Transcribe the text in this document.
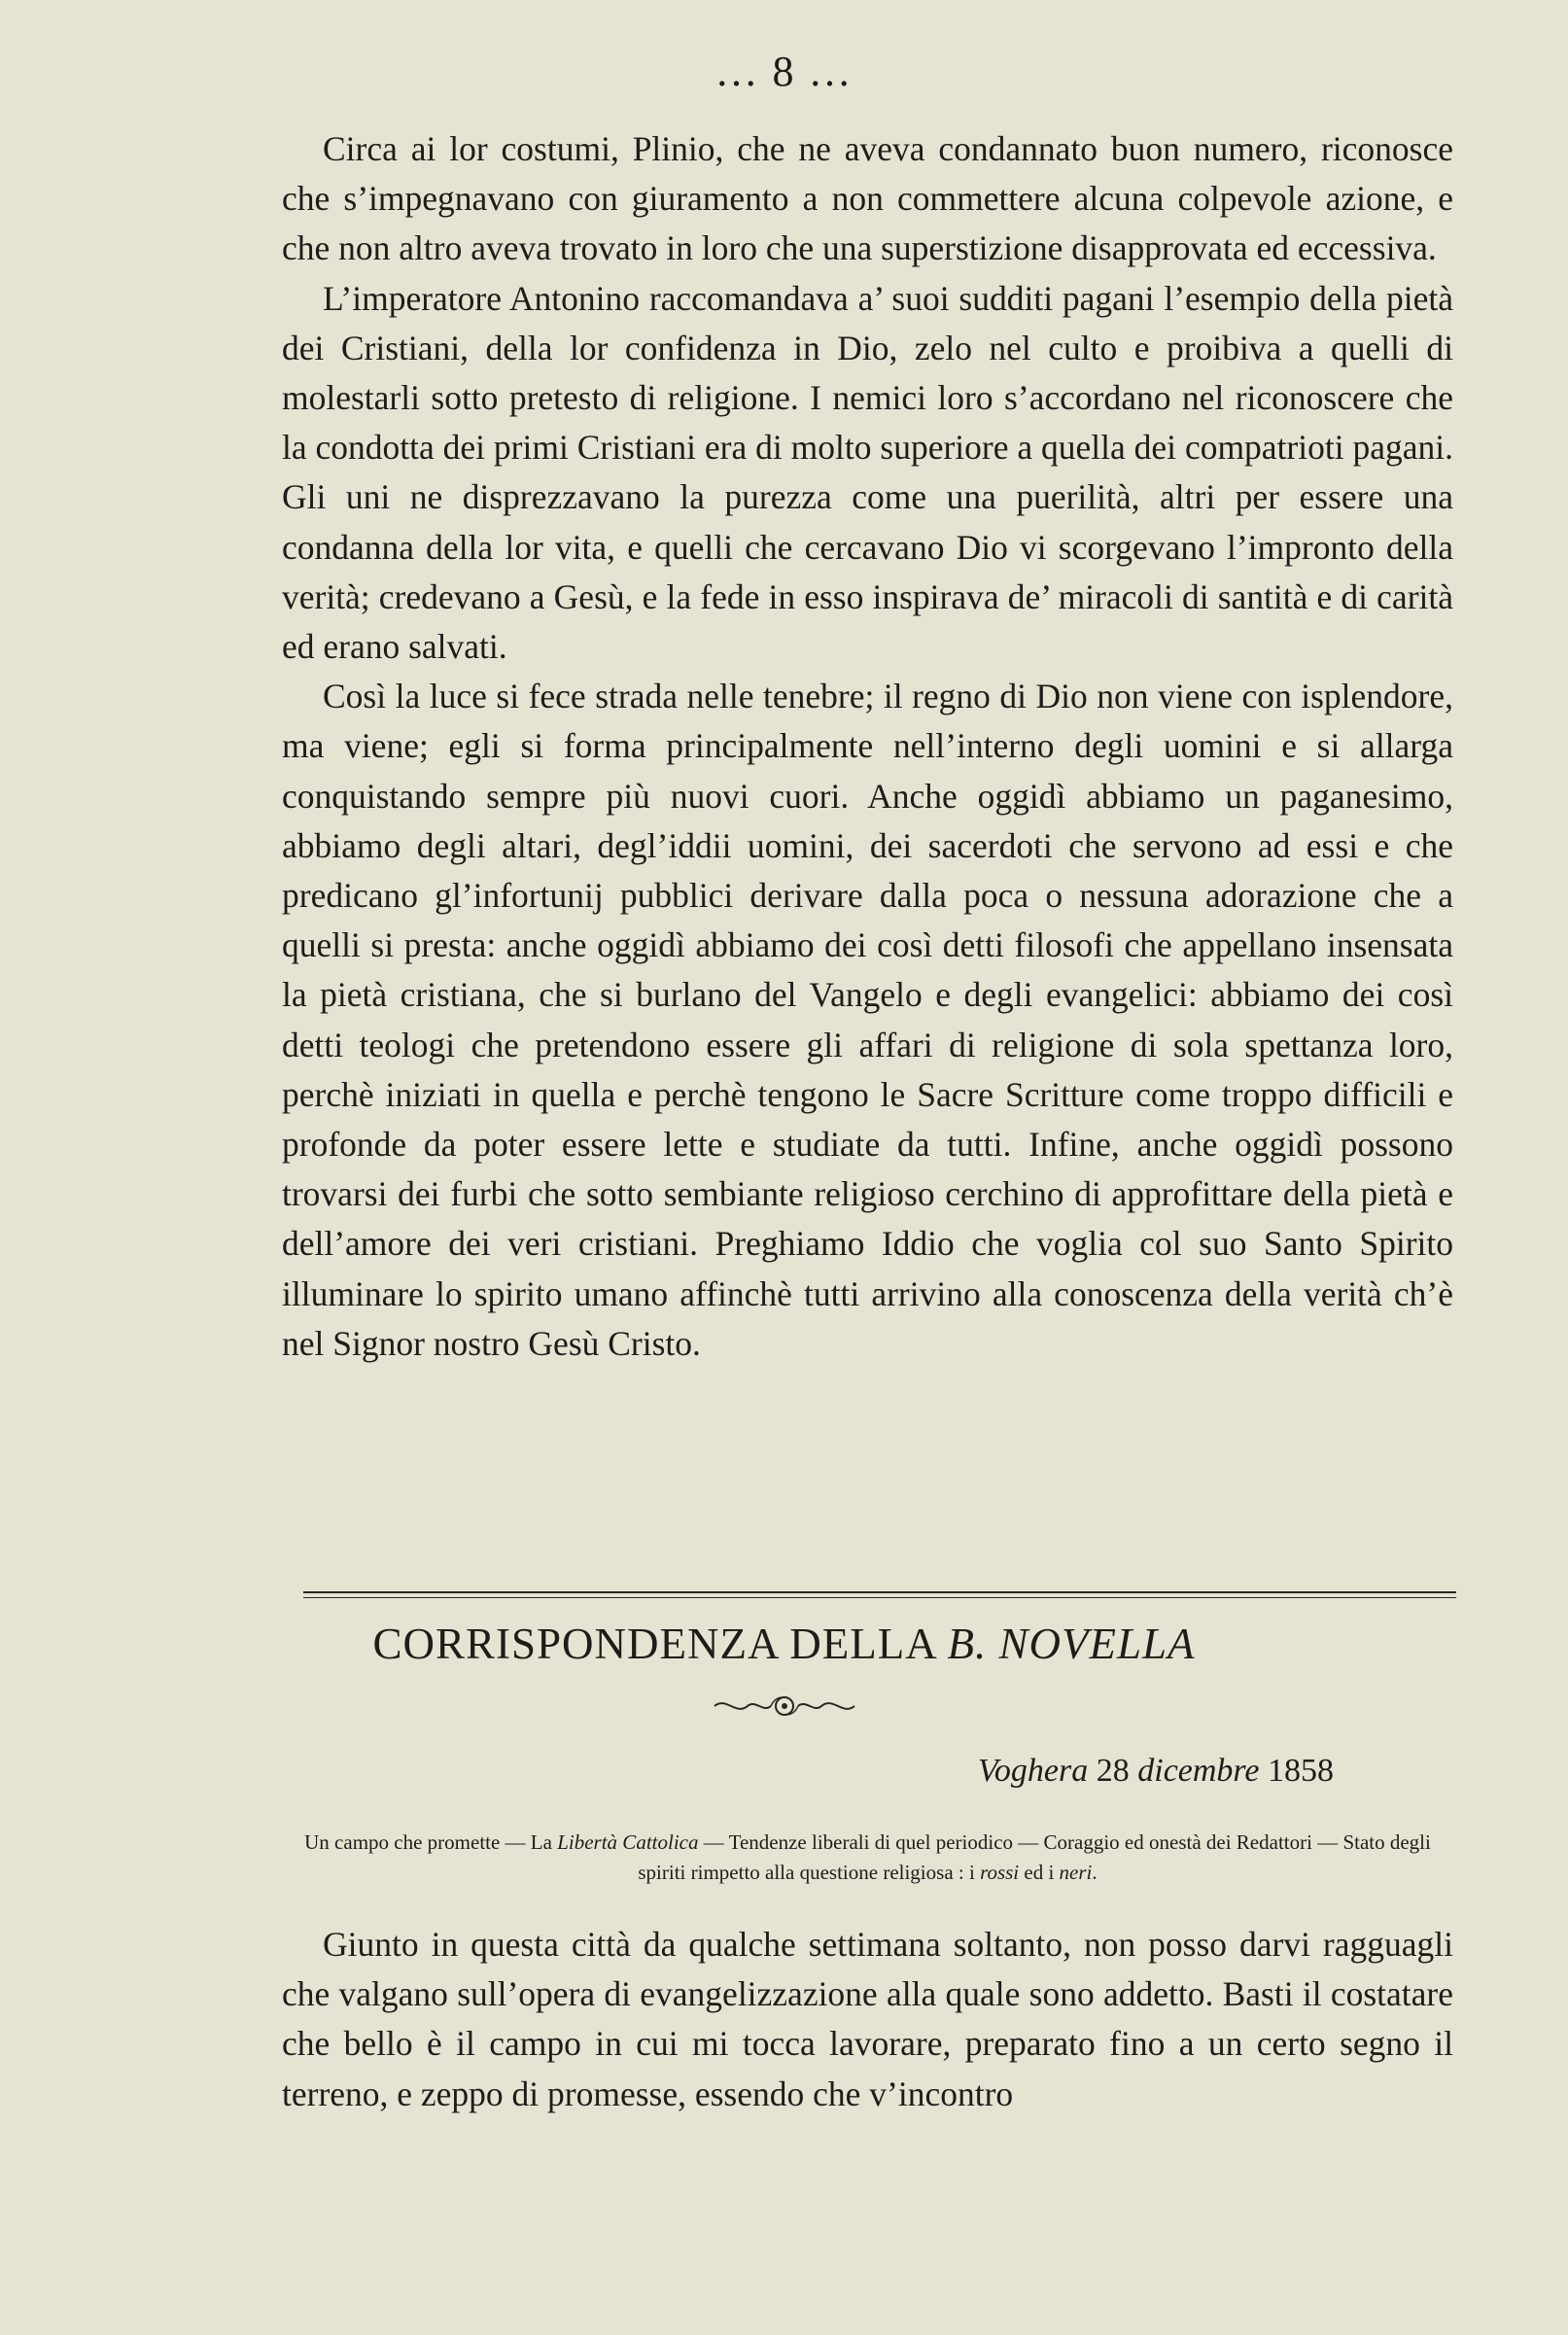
… 8 …

Circa ai lor costumi, Plinio, che ne aveva condannato buon numero, riconosce che s’impegnavano con giuramento a non commettere alcuna colpevole azione, e che non altro aveva trovato in loro che una superstizione disapprovata ed eccessiva.

L’imperatore Antonino raccomandava a’ suoi sudditi pagani l’esempio della pietà dei Cristiani, della lor confidenza in Dio, zelo nel culto e proibiva a quelli di molestarli sotto pretesto di religione. I nemici loro s’accordano nel riconoscere che la condotta dei primi Cristiani era di molto superiore a quella dei compatrioti pagani. Gli uni ne disprezzavano la purezza come una puerilità, altri per essere una condanna della lor vita, e quelli che cercavano Dio vi scorgevano l’impronto della verità; credevano a Gesù, e la fede in esso inspirava de’ miracoli di santità e di carità ed erano salvati.

Così la luce si fece strada nelle tenebre; il regno di Dio non viene con isplendore, ma viene; egli si forma principalmente nell’interno degli uomini e si allarga conquistando sempre più nuovi cuori. Anche oggidì abbiamo un paganesimo, abbiamo degli altari, degl’iddii uomini, dei sacerdoti che servono ad essi e che predicano gl’infortunij pubblici derivare dalla poca o nessuna adorazione che a quelli si presta: anche oggidì abbiamo dei così detti filosofi che appellano insensata la pietà cristiana, che si burlano del Vangelo e degli evangelici: abbiamo dei così detti teologi che pretendono essere gli affari di religione di sola spettanza loro, perchè iniziati in quella e perchè tengono le Sacre Scritture come troppo difficili e profonde da poter essere lette e studiate da tutti. Infine, anche oggidì possono trovarsi dei furbi che sotto sembiante religioso cerchino di approfittare della pietà e dell’amore dei veri cristiani. Preghiamo Iddio che voglia col suo Santo Spirito illuminare lo spirito umano affinchè tutti arrivino alla conoscenza della verità ch’è nel Signor nostro Gesù Cristo.

CORRISPONDENZA DELLA B. NOVELLA
Voghera 28 dicembre 1858
Un campo che promette — La Libertà Cattolica — Tendenze liberali di quel periodico — Coraggio ed onestà dei Redattori — Stato degli spiriti rimpetto alla questione religiosa : i rossi ed i neri.

Giunto in questa città da qualche settimana soltanto, non posso darvi ragguagli che valgano sull’opera di evangelizzazione alla quale sono addetto. Basti il costatare che bello è il campo in cui mi tocca lavorare, preparato fino a un certo segno il terreno, e zeppo di promesse, essendo che v’incontro
